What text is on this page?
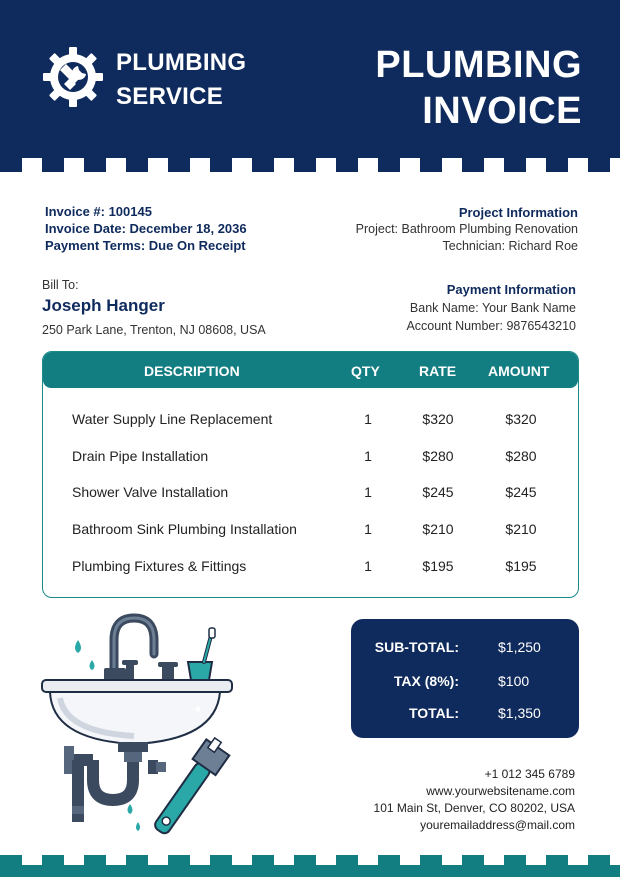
PLUMBING
SERVICE
PLUMBING
INVOICE
Invoice #: 100145
Invoice Date: December 18, 2036
Payment Terms: Due On Receipt
Project Information
Project: Bathroom Plumbing Renovation
Technician: Richard Roe
Bill To:
Joseph Hanger
250 Park Lane, Trenton, NJ 08608, USA
Payment Information
Bank Name: Your Bank Name
Account Number: 9876543210
DESCRIPTION	QTY	RATE AMOUNT
Water Supply Line Replacement	1	$320	$320
Drain Pipe Installation	1	$280	$280
Shower Valve Installation	1	$245	$245
Bathroom Sink Plumbing Installation	1	$210	$210
Plumbing Fixtures & Fittings	1	$195	$195
SUB-TOTAL:	$1,250
TAX (8%):	$100
TOTAL:	$1,350
+1 012 345 6789
www.yourwebsitename.com
101 Main St, Denver, CO 80202, USA
youremailaddress@mail.com
